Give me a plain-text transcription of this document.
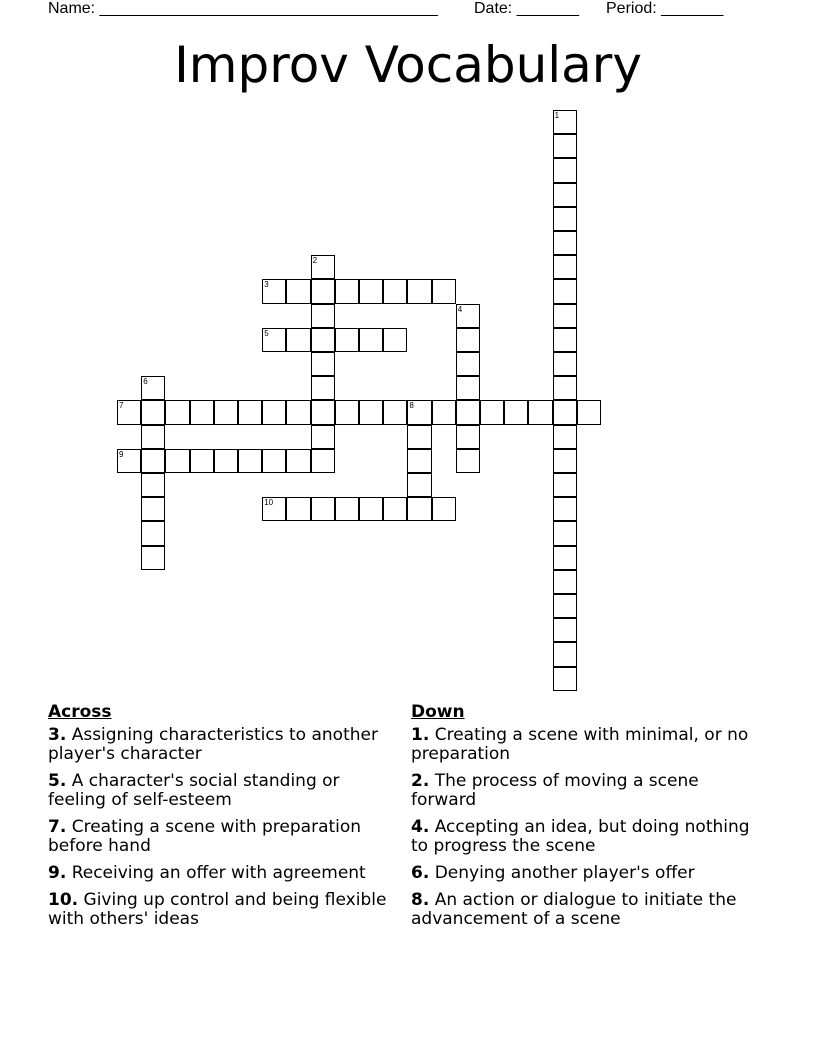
Name: ______________________________________ Date: _______ Period: _______
Improv Vocabulary
1
2
3
4
5
6
7	8
9
10
Across
3. Assigning characteristics to another player's character
5. A character's social standing or feeling of self-esteem
7. Creating a scene with preparation before hand
9. Receiving an offer with agreement
10. Giving up control and being flexible with others' ideas
Down
1. Creating a scene with minimal, or no preparation
2. The process of moving a scene forward
4. Accepting an idea, but doing nothing to progress the scene
6. Denying another player's offer
8. An action or dialogue to initiate the advancement of a scene
